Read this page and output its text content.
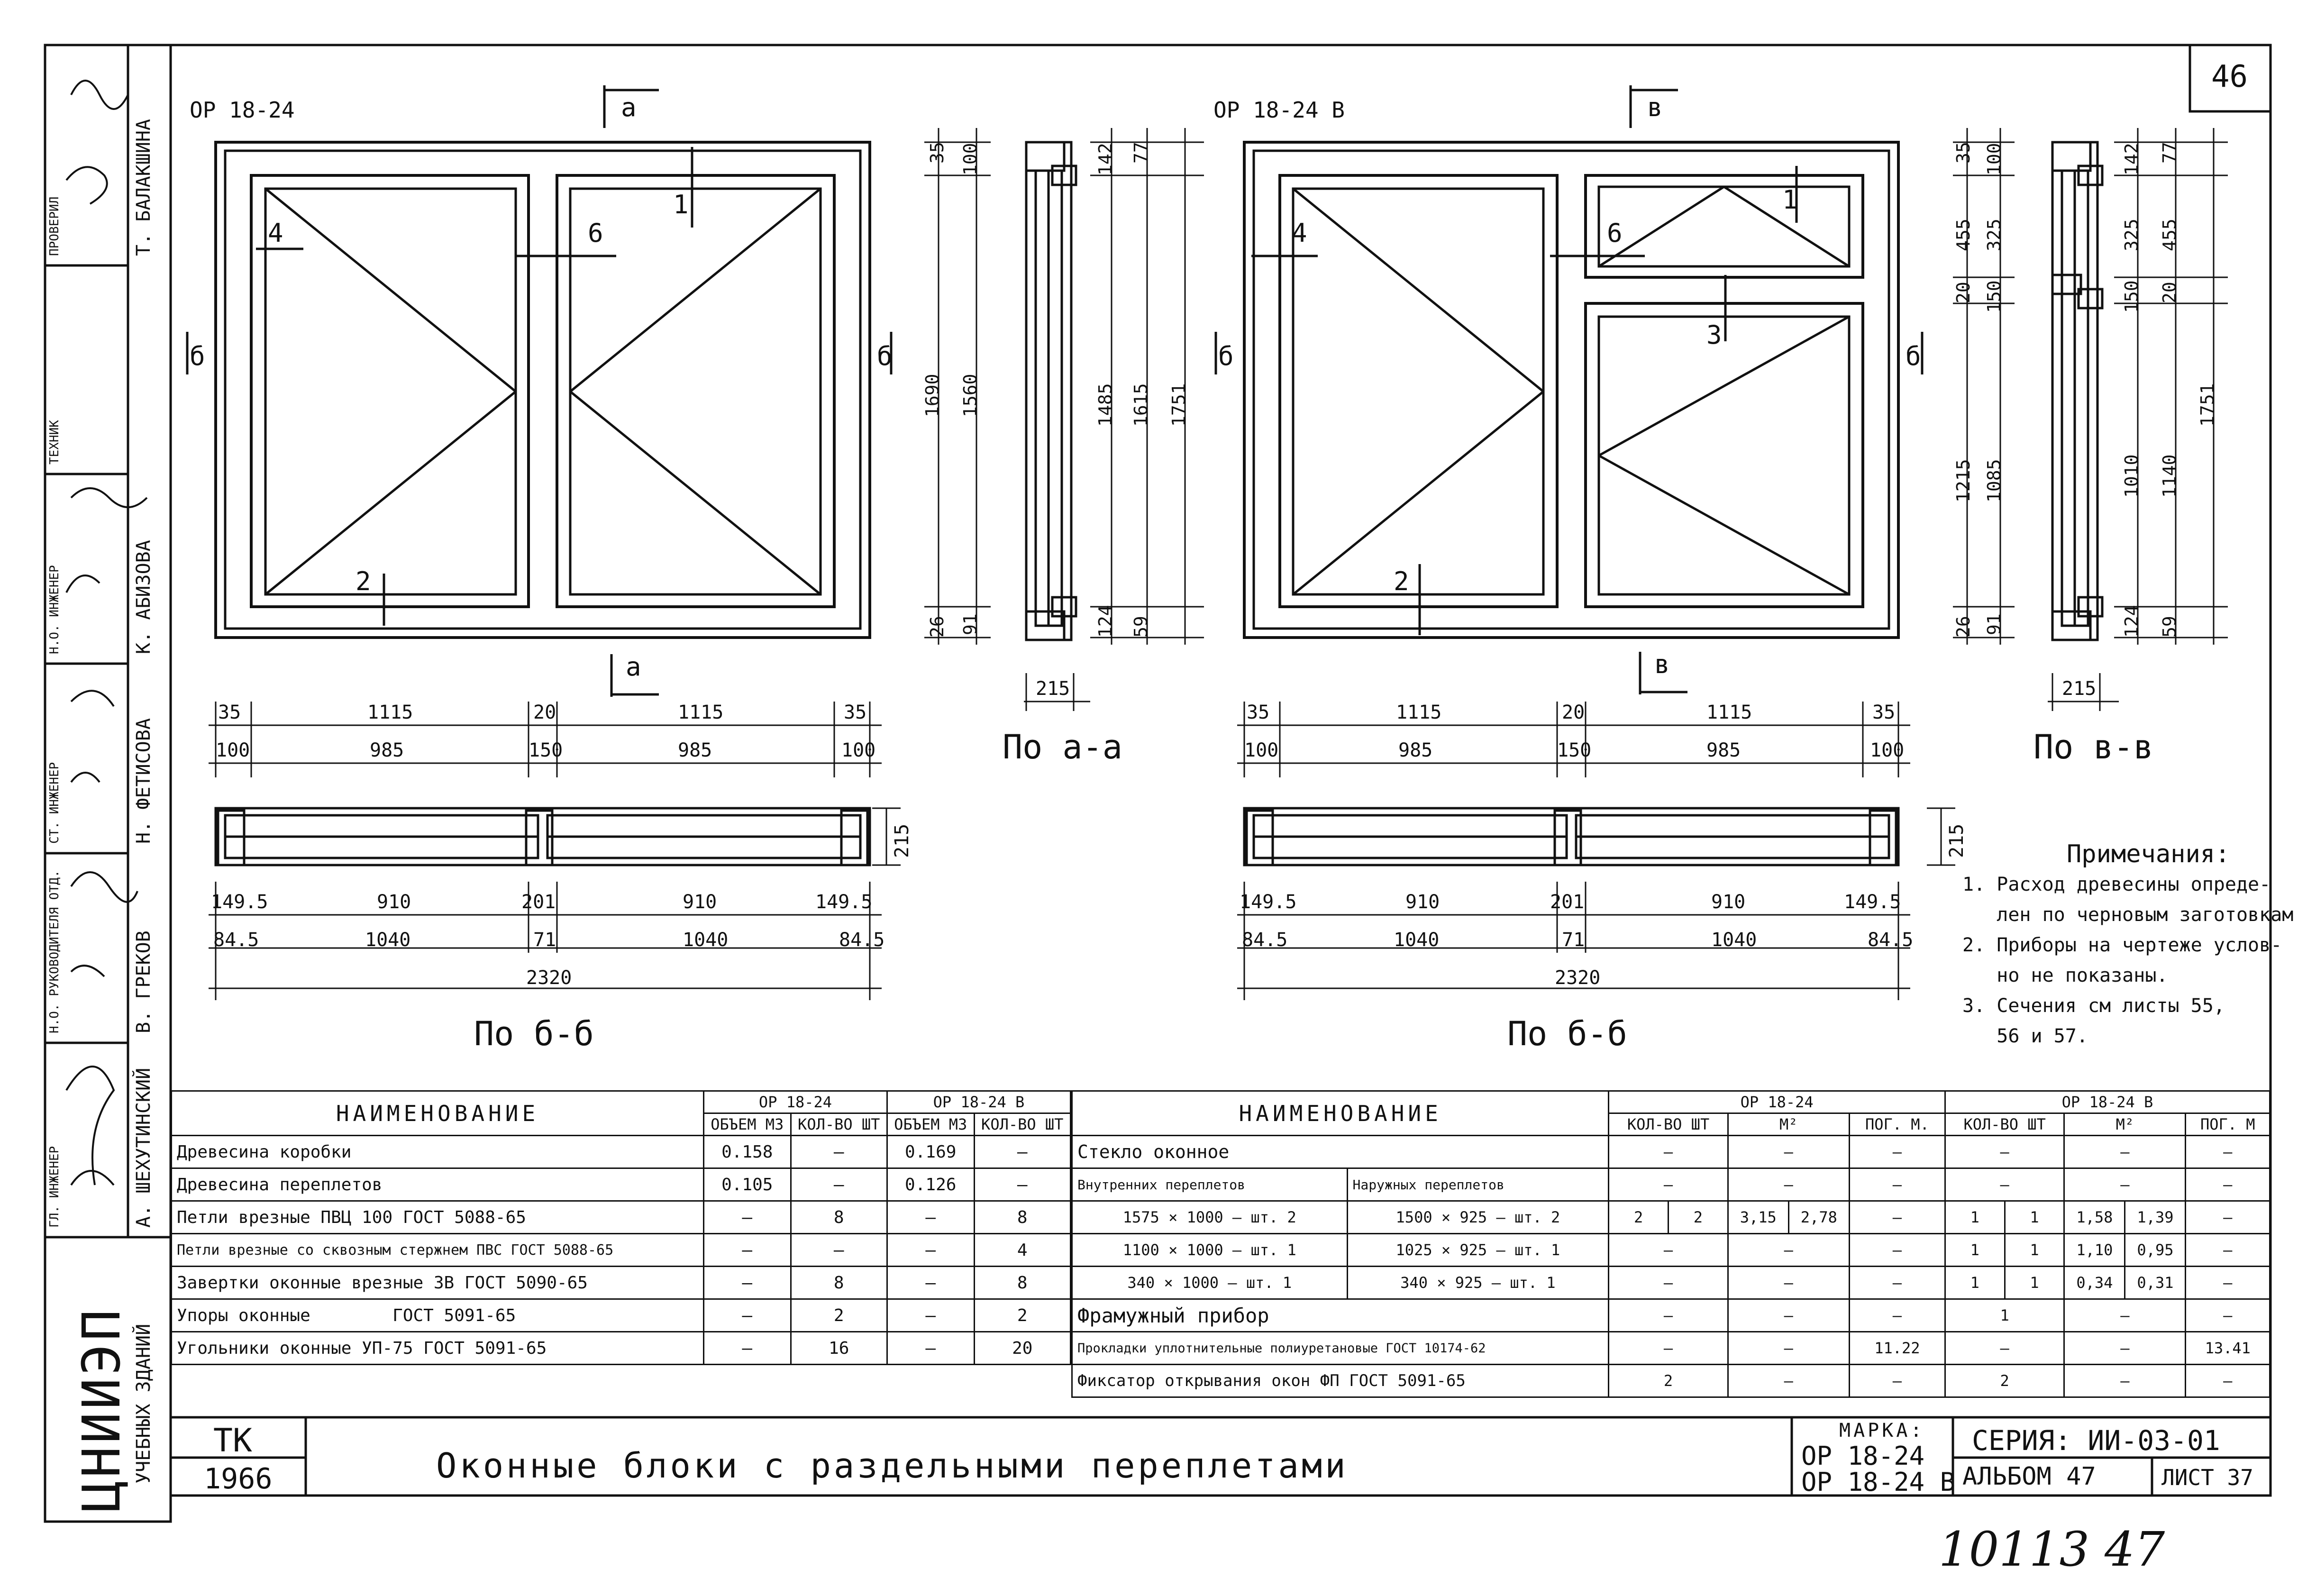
ЦНИИЭП УЧЕБНЫХ ЗДАНИЙ
Т. БАЛАКШИНА
К. АБИЗОВА
Н. ФЕТИСОВА
В. ГРЕКОВ
А. ШЕХУТИНСКИЙ
ПРОВЕРИЛ
ТЕХНИК
Н.О. ИНЖЕНЕР
СТ. ИНЖЕНЕР
Н.О. РУКОВОДИТЕЛЯ ОТД.
ГЛ. ИНЖЕНЕР
46
ОР 18-24	а
а
б	б
1
4	6
2
35 100
1690 1560
26 91
142 77
1485 1615 1751
124 59
215
По а-а
35	1115	20	1115	35
100	985	150	985	100
215
149.5	910	201	910	149.5
84.5	1040	71	1040	84.5
2320
По б-б
ОР 18-24 В	в
в
б	б
4	6
1
3
2
35 100
455 325
20 150
1215 1085
26 91
142 77
325 455
150 20
1010 1140
1751
124 59
215
По в-в
35	1115	20	1115	35
100	985	150	985	100
215
149.5	910	201	910	149.5
84.5	1040	71	1040	84.5
2320
По б-б
Примечания:
1. Расход древесины опреде-
лен по черновым заготовкам
2. Приборы на чертеже услов-
но не показаны.
3. Сечения см листы 55,
56 и 57.
НАИМЕНОВАНИЕ	ОР 18-24		ОР 18-24 В	
	ОБЪЕМ М3	КОЛ-ВО ШТ	ОБЪЕМ М3	КОЛ-ВО ШТ
Древесина коробки	0.158	—	0.169	—
Древесина переплетов	0.105	—	0.126	—
Петли врезные ПВЦ 100 ГОСТ 5088-65	—	8	—	8
Петли врезные со сквозным стержнем ПВС ГОСТ 5088-65	—	—	—	4
Завертки оконные врезные ЗВ ГОСТ 5090-65	—	8	—	8
Упоры оконные        ГОСТ 5091-65	—	2	—	2
Угольники оконные УП-75 ГОСТ 5091-65	—	16	—	20
НАИМЕНОВАНИЕ		ОР 18-24					ОР 18-24 В				
		КОЛ-ВО ШТ		М²		ПОГ. М.	КОЛ-ВО ШТ		М²		ПОГ. М
Стекло оконное		—		—		—	—		—		—
Внутренних переплетов	Наружных переплетов	—		—		—	—		—		—
1575 × 1000 — шт. 2	1500 × 925 — шт. 2	2	2	3,15	2,78	—	1	1	1,58	1,39	—
1100 × 1000 — шт. 1	1025 × 925 — шт. 1	—		—		—	1	1	1,10	0,95	—
340 × 1000 — шт. 1	340 × 925 — шт. 1	—		—		—	1	1	0,34	0,31	—
Фрамужный прибор		—		—		—	1		—		—
Прокладки уплотнительные полиуретановые ГОСТ 10174-62		—		—		11.22	—		—		13.41
Фиксатор открывания окон ФП ГОСТ 5091-65		2		—		—	2		—		—
ТК
1966	Оконные блоки с раздельными переплетами
МАРКА:
ОР 18-24
ОР 18-24 В
СЕРИЯ: ИИ-03-01
АЛЬБОМ 47	ЛИСТ 37
10113 47
